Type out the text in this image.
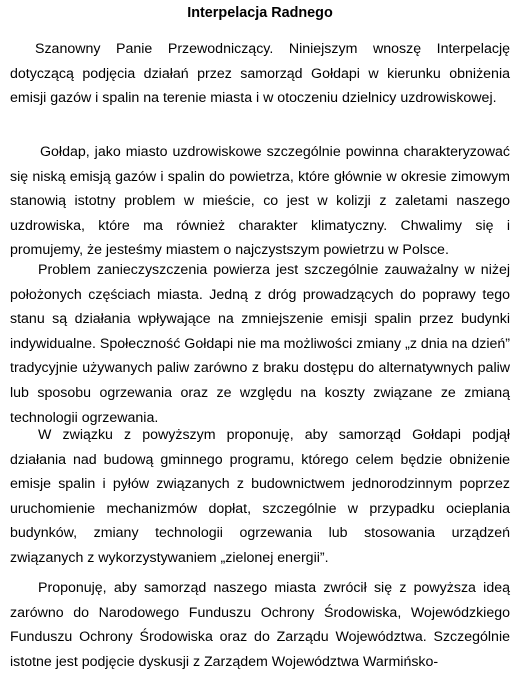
Interpelacja Radnego

Szanowny Panie Przewodniczący. Niniejszym wnoszę Interpelację dotyczącą podjęcia działań przez samorząd Gołdapi w kierunku obniżenia emisji gazów i spalin na terenie miasta i w otoczeniu dzielnicy uzdrowiskowej.

Gołdap, jako miasto uzdrowiskowe szczególnie powinna charakteryzować się niską emisją gazów i spalin do powietrza, które głównie w okresie zimowym stanowią istotny problem w mieście, co jest w kolizji z zaletami naszego uzdrowiska, które ma również charakter klimatyczny. Chwalimy się i promujemy, że jesteśmy miastem o najczystszym powietrzu w Polsce.

Problem zanieczyszczenia powierza jest szczególnie zauważalny w niżej położonych częściach miasta. Jedną z dróg prowadzących do poprawy tego stanu są działania wpływające na zmniejszenie emisji spalin przez budynki indywidualne. Społeczność Gołdapi nie ma możliwości zmiany „z dnia na dzień” tradycyjnie używanych paliw zarówno z braku dostępu do alternatywnych paliw lub sposobu ogrzewania oraz ze względu na koszty związane ze zmianą technologii ogrzewania.

W związku z powyższym proponuję, aby samorząd Gołdapi podjął działania nad budową gminnego programu, którego celem będzie obniżenie emisje spalin i pyłów związanych z budownictwem jednorodzinnym poprzez uruchomienie mechanizmów dopłat, szczególnie w przypadku ocieplania budynków, zmiany technologii ogrzewania lub stosowania urządzeń związanych z wykorzystywaniem „zielonej energii”.

Proponuję, aby samorząd naszego miasta zwrócił się z powyższa ideą zarówno do Narodowego Funduszu Ochrony Środowiska, Wojewódzkiego Funduszu Ochrony Środowiska oraz do Zarządu Województwa. Szczególnie istotne jest podjęcie dyskusji z Zarządem Województwa Warmińsko-
